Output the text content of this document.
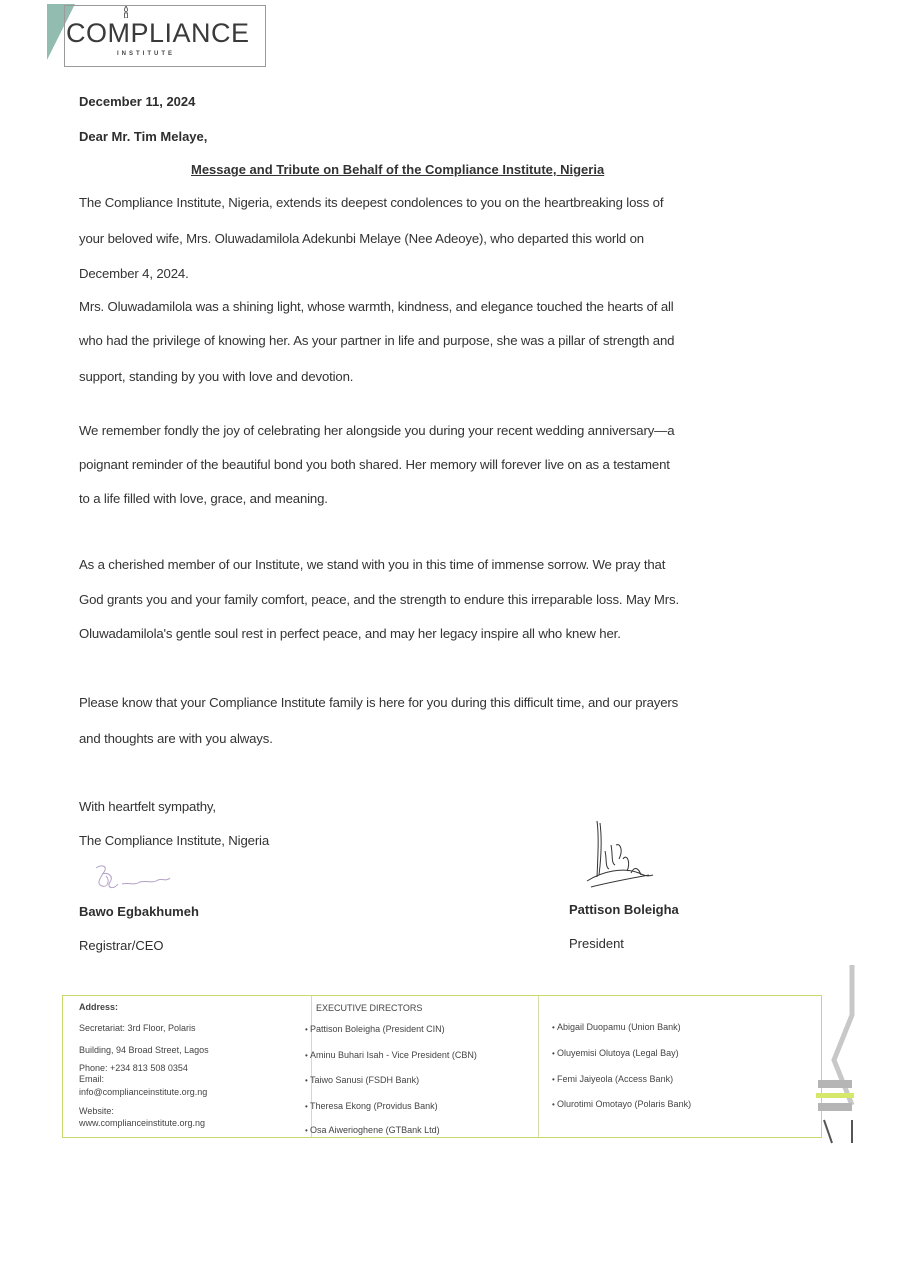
COMPLIANCE
INSTITUTE
December 11, 2024
Dear Mr. Tim Melaye,
Message and Tribute on Behalf of the Compliance Institute, Nigeria
The Compliance Institute, Nigeria, extends its deepest condolences to you on the heartbreaking loss of
your beloved wife, Mrs. Oluwadamilola Adekunbi Melaye (Nee Adeoye), who departed this world on
December 4, 2024.
Mrs. Oluwadamilola was a shining light, whose warmth, kindness, and elegance touched the hearts of all
who had the privilege of knowing her. As your partner in life and purpose, she was a pillar of strength and
support, standing by you with love and devotion.
We remember fondly the joy of celebrating her alongside you during your recent wedding anniversary—a
poignant reminder of the beautiful bond you both shared. Her memory will forever live on as a testament
to a life filled with love, grace, and meaning.
As a cherished member of our Institute, we stand with you in this time of immense sorrow. We pray that
God grants you and your family comfort, peace, and the strength to endure this irreparable loss. May Mrs.
Oluwadamilola's gentle soul rest in perfect peace, and may her legacy inspire all who knew her.
Please know that your Compliance Institute family is here for you during this difficult time, and our prayers
and thoughts are with you always.
With heartfelt sympathy,
The Compliance Institute, Nigeria
Bawo Egbakhumeh
Registrar/CEO
Pattison Boleigha
President
Address:
Secretariat: 3rd Floor, Polaris
Building, 94 Broad Street, Lagos
Phone: +234 813 508 0354
Email:
info@complianceinstitute.org.ng
Website:
www.complianceinstitute.org.ng
EXECUTIVE DIRECTORS
• Pattison Boleigha (President CIN)
• Aminu Buhari Isah - Vice President (CBN)
• Taiwo Sanusi (FSDH Bank)
• Theresa Ekong (Providus Bank)
• Osa Aiwerioghene (GTBank Ltd)
• Abigail Duopamu (Union Bank)
• Oluyemisi Olutoya (Legal Bay)
• Femi Jaiyeola (Access Bank)
• Olurotimi Omotayo (Polaris Bank)
